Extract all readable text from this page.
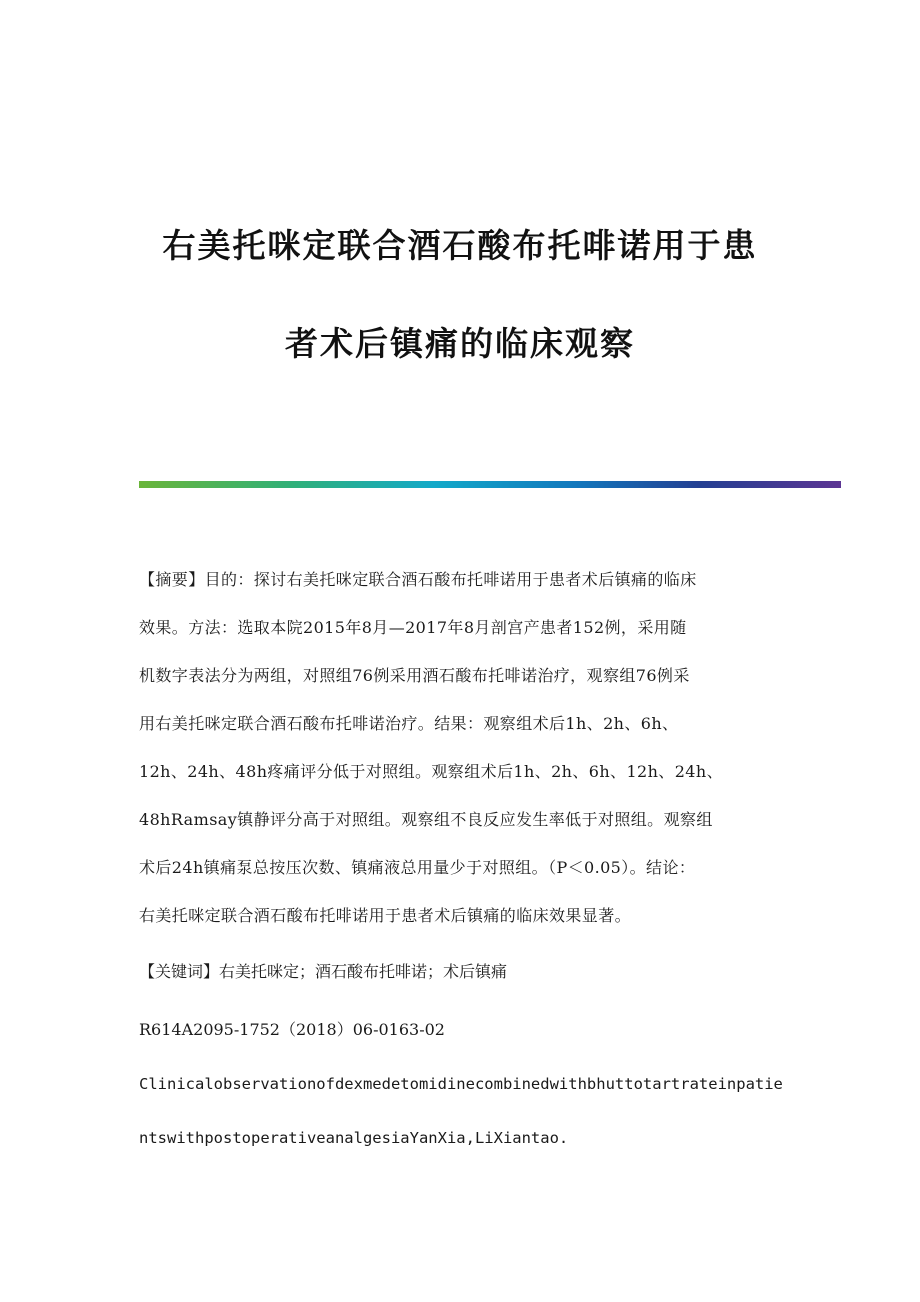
右美托咪定联合酒石酸布托啡诺用于患
者术后镇痛的临床观察
【摘要】目的：探讨右美托咪定联合酒石酸布托啡诺用于患者术后镇痛的临床
效果。方法：选取本院2015年8月—2017年8月剖宫产患者152例，采用随
机数字表法分为两组，对照组76例采用酒石酸布托啡诺治疗，观察组76例采
用右美托咪定联合酒石酸布托啡诺治疗。结果：观察组术后1h、2h、6h、
12h、24h、48h疼痛评分低于对照组。观察组术后1h、2h、6h、12h、24h、
48hRamsay镇静评分高于对照组。观察组不良反应发生率低于对照组。观察组
术后24h镇痛泵总按压次数、镇痛液总用量少于对照组。（P＜0.05）。结论：
右美托咪定联合酒石酸布托啡诺用于患者术后镇痛的临床效果显著。
【关键词】右美托咪定；酒石酸布托啡诺；术后镇痛
R614A2095-1752（2018）06-0163-02
Clinicalobservationofdexmedetomidinecombinedwithbhuttotartrateinpatie
ntswithpostoperativeanalgesiaYanXia,LiXiantao.
